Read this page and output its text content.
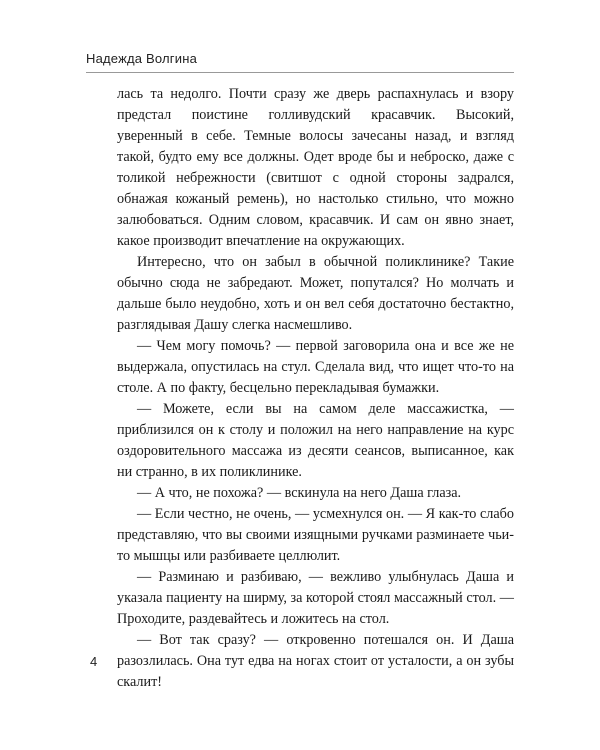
Надежда Волгина

лась та недолго. Почти сразу же дверь распахнулась и взору предстал поистине голливудский красавчик. Высокий, уверенный в себе. Темные волосы зачесаны назад, и взгляд такой, будто ему все должны. Одет вроде бы и неброско, даже с толикой небрежности (свитшот с одной стороны задрался, обнажая кожаный ремень), но настолько стильно, что можно залюбоваться. Одним словом, красавчик. И сам он явно знает, какое производит впечатление на окружающих.

Интересно, что он забыл в обычной поликлинике? Такие обычно сюда не забредают. Может, попутался? Но молчать и дальше было неудобно, хоть и он вел себя достаточно бестактно, разглядывая Дашу слегка насмешливо.

— Чем могу помочь? — первой заговорила она и все же не выдержала, опустилась на стул. Сделала вид, что ищет что-то на столе. А по факту, бесцельно перекладывая бумажки.

— Можете, если вы на самом деле массажистка, — приблизился он к столу и положил на него направление на курс оздоровительного массажа из десяти сеансов, выписанное, как ни странно, в их поликлинике.

— А что, не похожа? — вскинула на него Даша глаза.

— Если честно, не очень, — усмехнулся он. — Я как-то слабо представляю, что вы своими изящными ручками разминаете чьи-то мышцы или разбиваете целлюлит.

— Разминаю и разбиваю, — вежливо улыбнулась Даша и указала пациенту на ширму, за которой стоял массажный стол. — Проходите, раздевайтесь и ложитесь на стол.

— Вот так сразу? — откровенно потешался он. И Даша разозлилась. Она тут едва на ногах стоит от усталости, а он зубы скалит!

4
